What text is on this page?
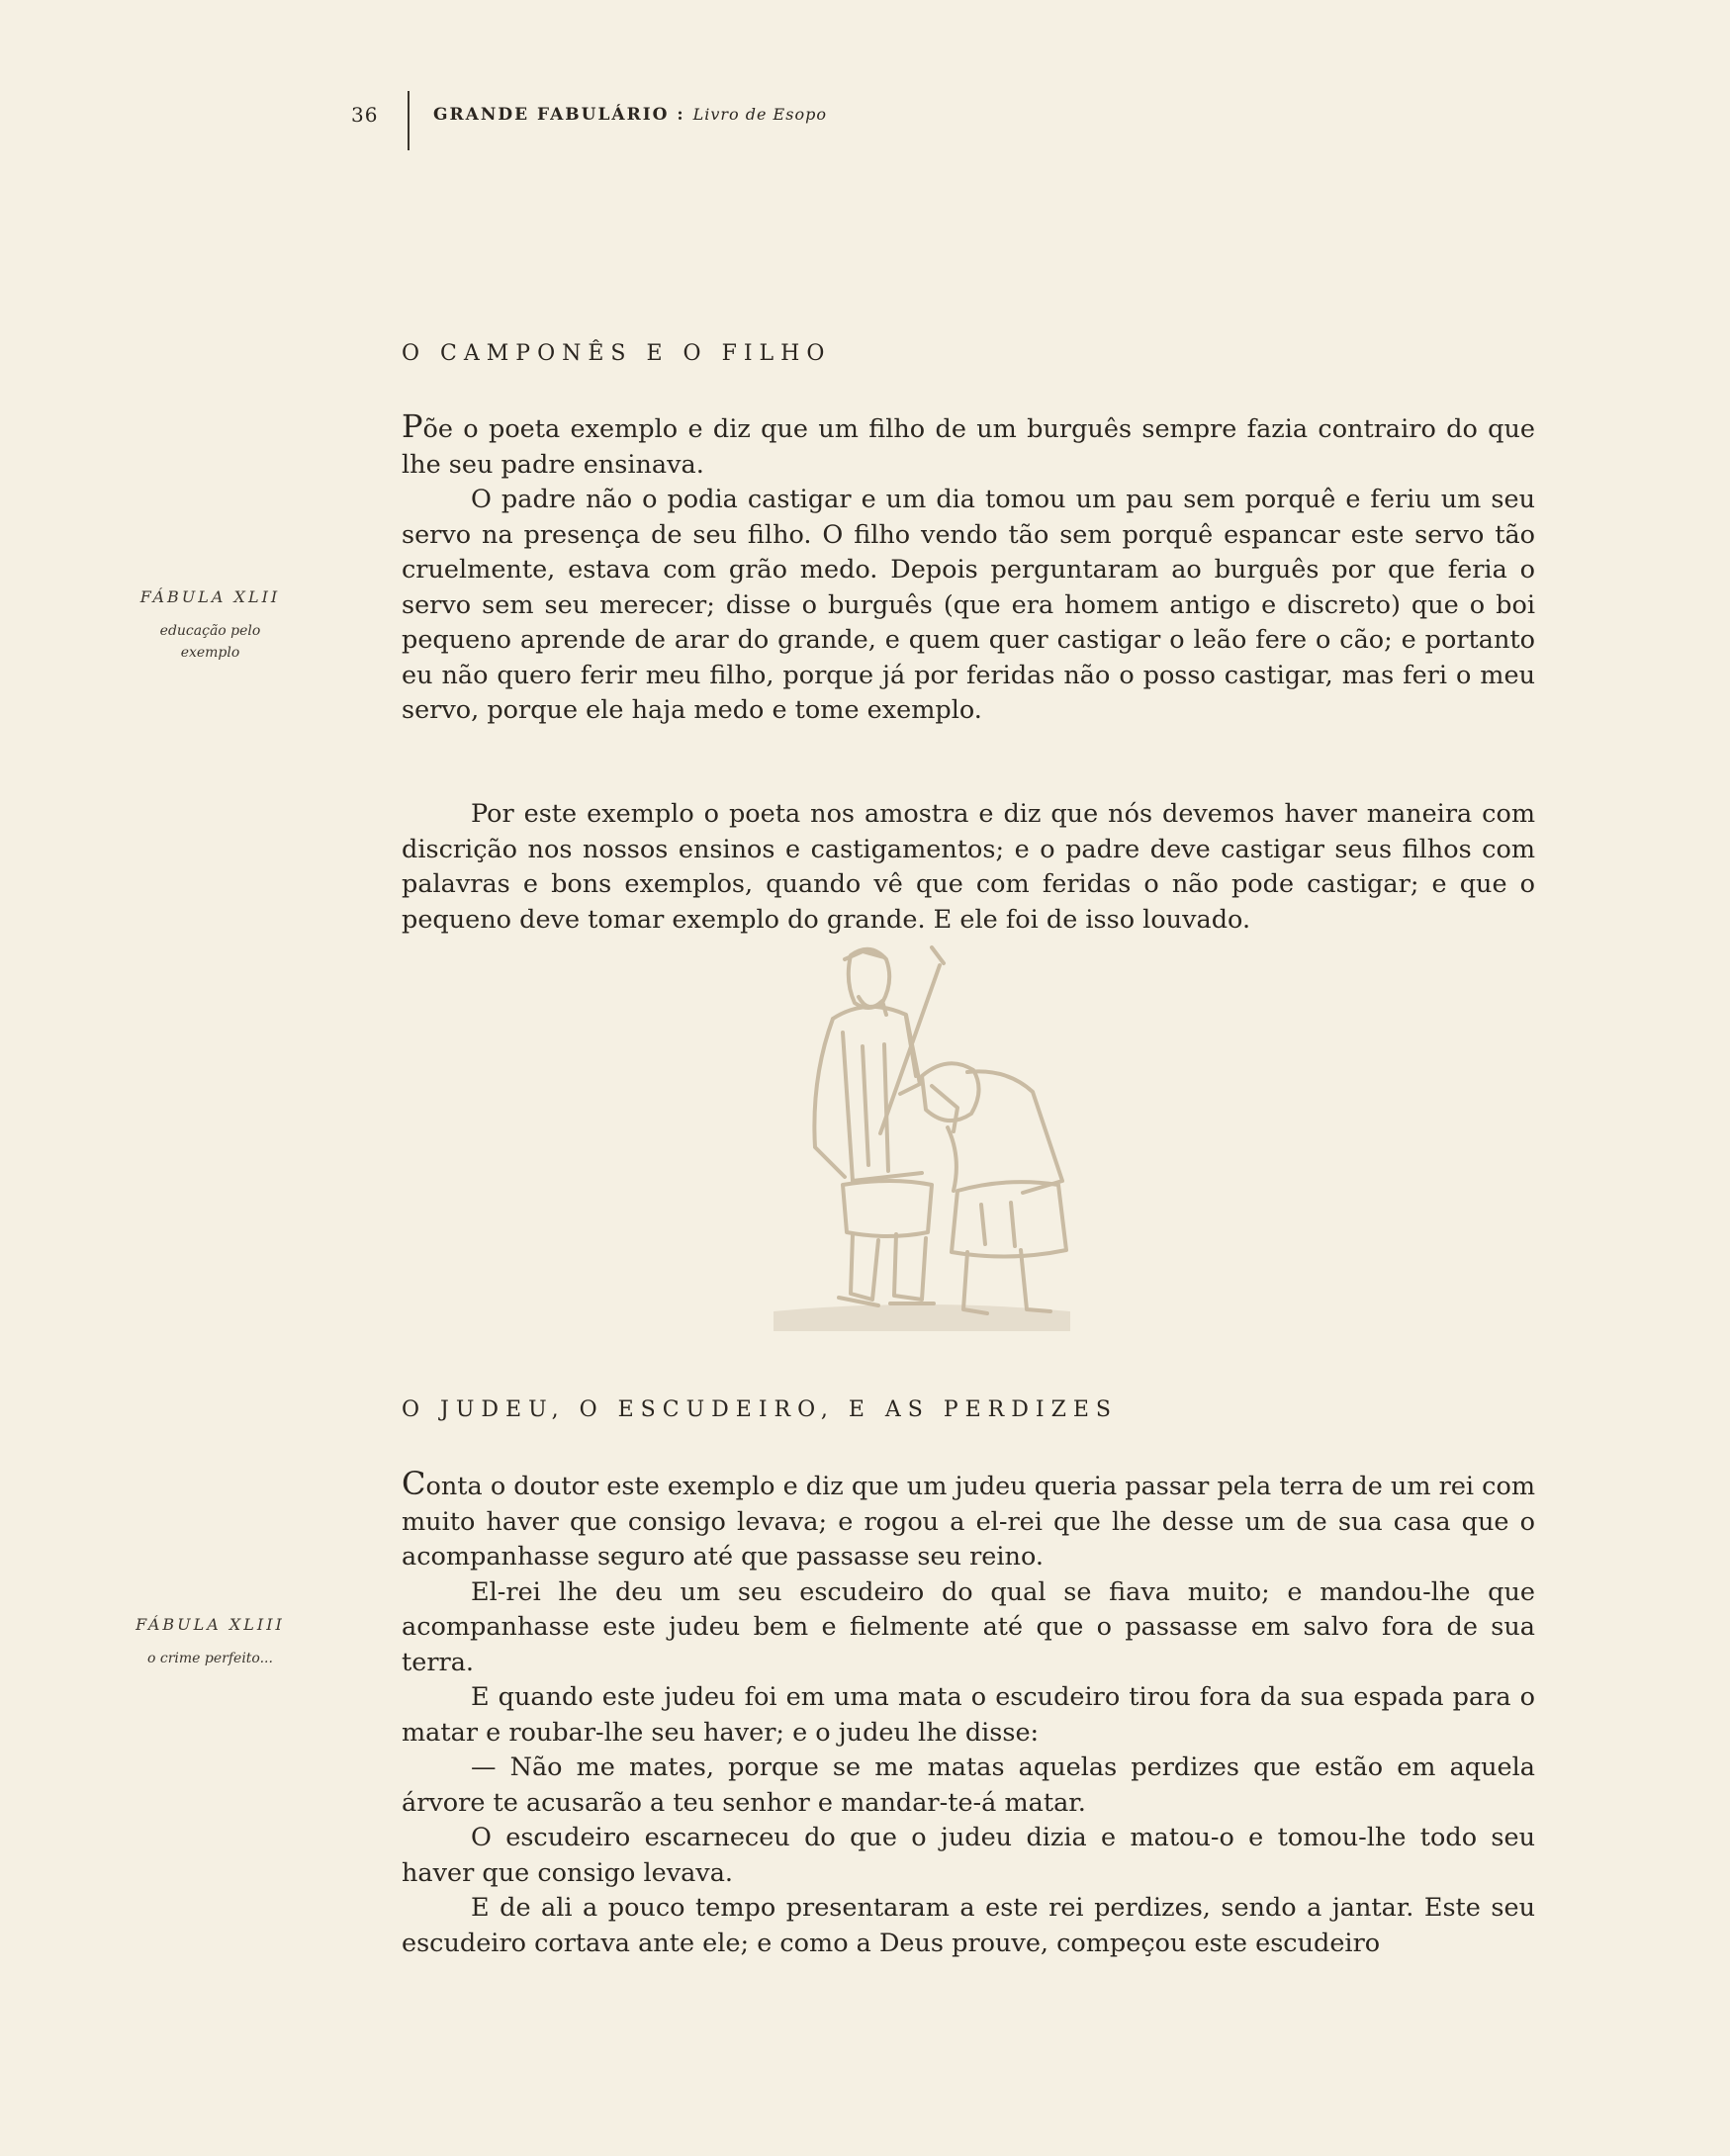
36	GRANDE FABULÁRIO : Livro de Esopo
O CAMPONÊS E O FILHO
FÁBULA XLII
educação pelo exemplo

Põe o poeta exemplo e diz que um filho de um burguês sempre fazia contrairo do que lhe seu padre ensinava.

O padre não o podia castigar e um dia tomou um pau sem porquê e feriu um seu servo na presença de seu filho. O filho vendo tão sem porquê espancar este servo tão cruelmente, estava com grão medo. Depois perguntaram ao burguês por que feria o servo sem seu merecer; disse o burguês (que era homem antigo e discreto) que o boi pequeno aprende de arar do grande, e quem quer castigar o leão fere o cão; e portanto eu não quero ferir meu filho, porque já por feridas não o posso castigar, mas feri o meu servo, porque ele haja medo e tome exemplo.

Por este exemplo o poeta nos amostra e diz que nós devemos haver maneira com discrição nos nossos ensinos e castigamentos; e o padre deve castigar seus filhos com palavras e bons exemplos, quando vê que com feridas o não pode castigar; e que o pequeno deve tomar exemplo do grande. E ele foi de isso louvado.

O JUDEU, O ESCUDEIRO, E AS PERDIZES
FÁBULA XLIII
o crime perfeito...

Conta o doutor este exemplo e diz que um judeu queria passar pela terra de um rei com muito haver que consigo levava; e rogou a el-rei que lhe desse um de sua casa que o acompanhasse seguro até que passasse seu reino.

El-rei lhe deu um seu escudeiro do qual se fiava muito; e mandou-lhe que acompanhasse este judeu bem e fielmente até que o passasse em salvo fora de sua terra.

E quando este judeu foi em uma mata o escudeiro tirou fora da sua espada para o matar e roubar-lhe seu haver; e o judeu lhe disse:

— Não me mates, porque se me matas aquelas perdizes que estão em aquela árvore te acusarão a teu senhor e mandar-te-á matar.

O escudeiro escarneceu do que o judeu dizia e matou-o e tomou-lhe todo seu haver que consigo levava.

E de ali a pouco tempo presentaram a este rei perdizes, sendo a jantar. Este seu escudeiro cortava ante ele; e como a Deus prouve, compeçou este escudeiro
